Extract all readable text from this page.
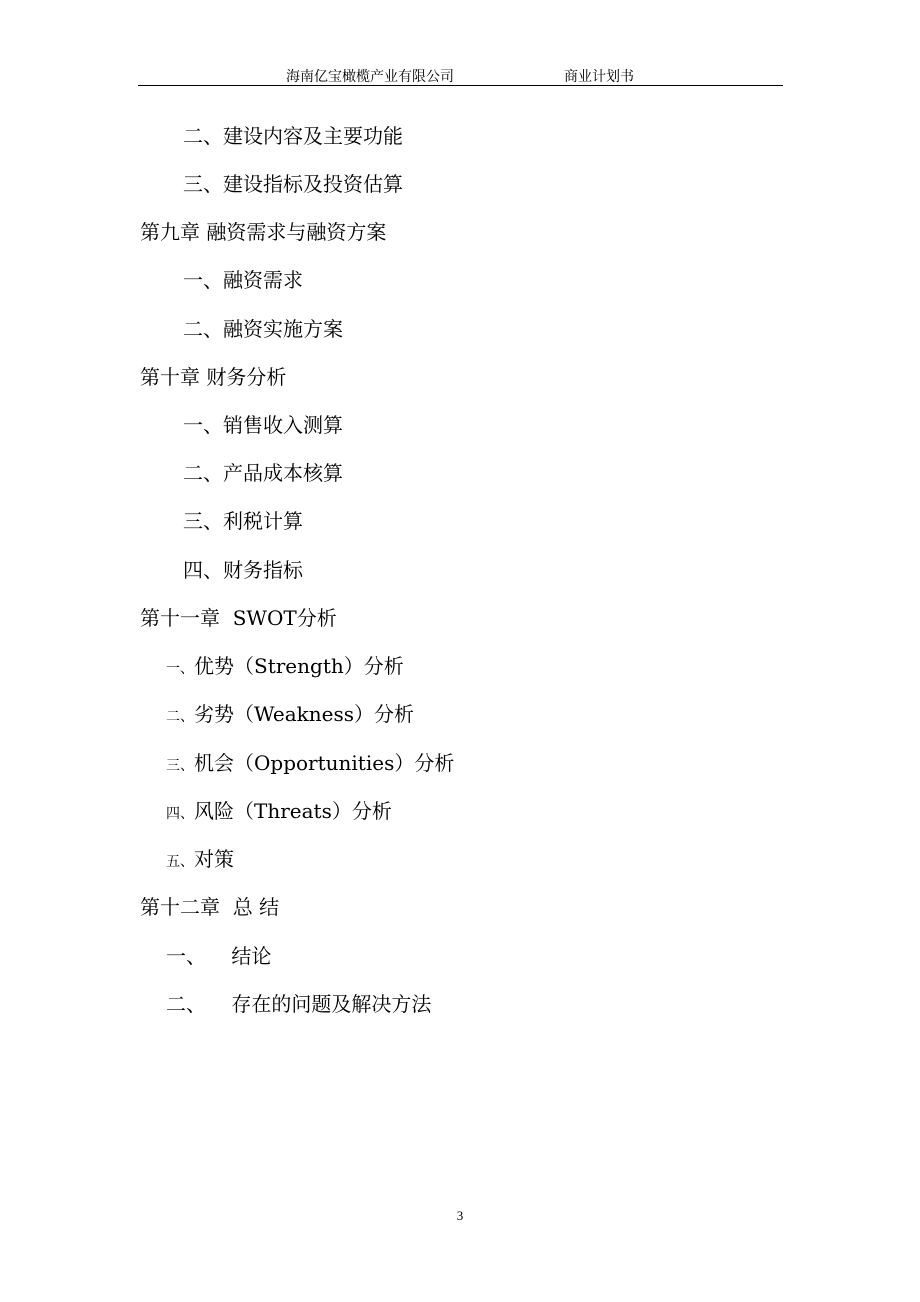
海南亿宝橄榄产业有限公司	商业计划书
二、建设内容及主要功能
三、建设指标及投资估算
第九章 融资需求与融资方案
一、融资需求
二、融资实施方案
第十章 财务分析
一、销售收入测算
二、产品成本核算
三、利税计算
四、财务指标
第十一章  SWOT分析
一、优势（Strength）分析
二、劣势（Weakness）分析
三、机会（Opportunities）分析
四、风险（Threats）分析
五、对策
第十二章  总 结
一、    结论
二、    存在的问题及解决方法
3
